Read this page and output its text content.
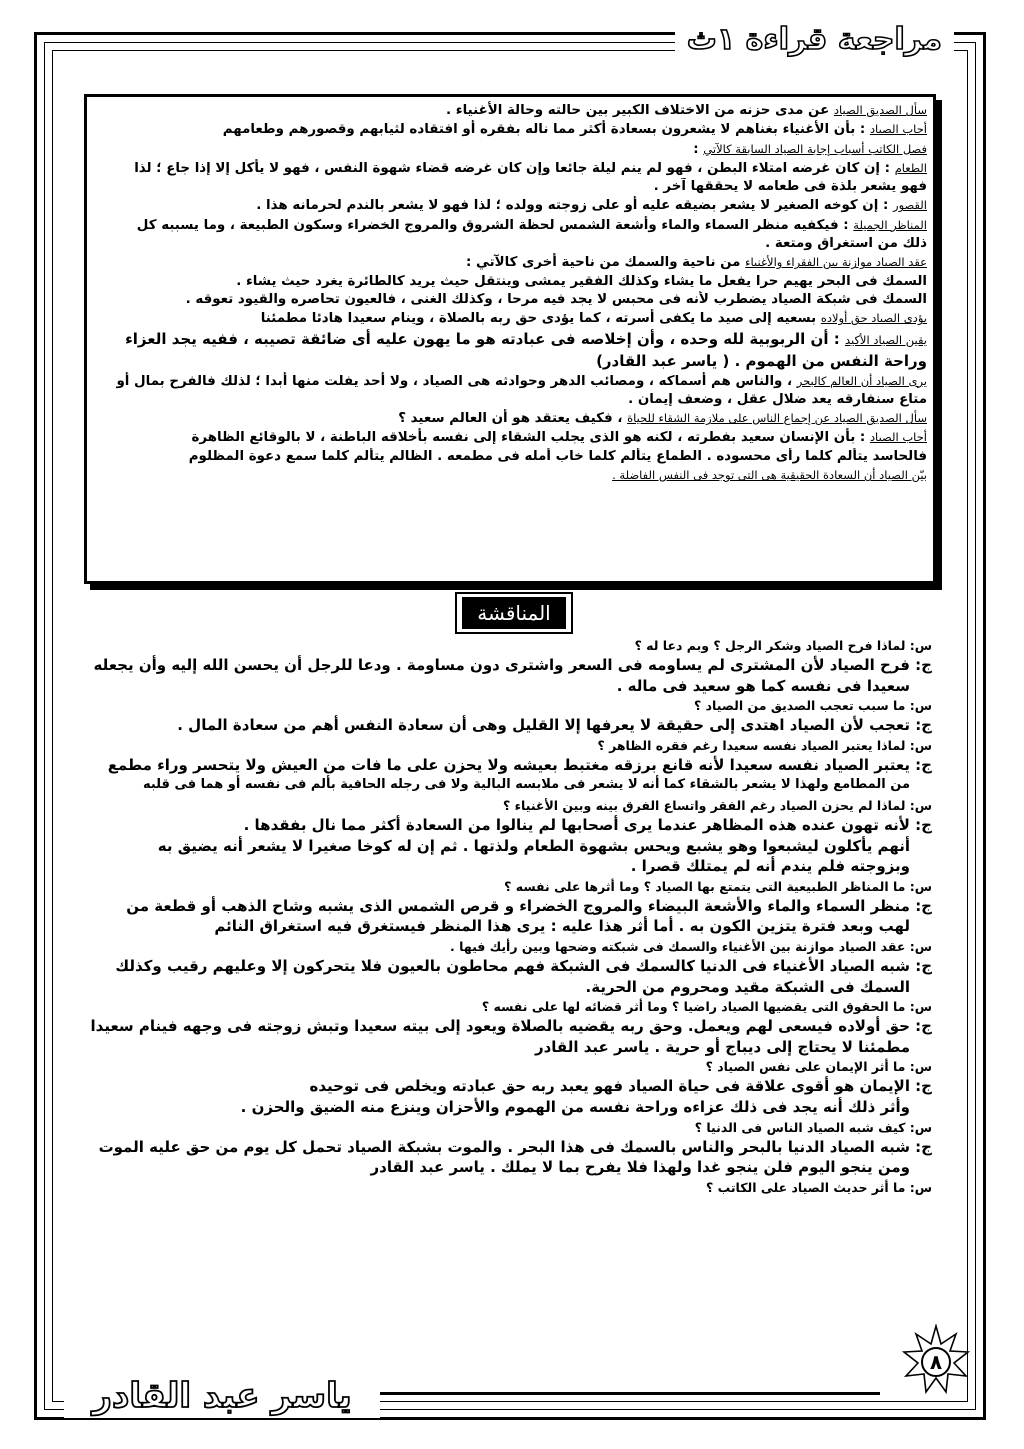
مراجعة قراءة ١ث
سأل الصديق الصياد عن مدى حزنه من الاختلاف الكبير بين حالته وحالة الأغنياء .
أجاب الصياد : بأن الأغنياء بغناهم لا يشعرون بسعادة أكثر مما ناله بفقره أو افتقاده لثيابهم وقصورهم وطعامهم
فصل الكاتب أسباب إجابة الصياد السابقة كالآتي :
الطعام : إن كان غرضه امتلاء البطن ، فهو لم ينم ليلة جائعا وإن كان غرضه قضاء شهوة النفس ، فهو لا يأكل إلا إذا جاع ؛ لذا
فهو يشعر بلذة فى طعامه لا يحققها آخر .
القصور : إن كوخه الصغير لا يشعر بضيقه عليه أو على زوجته وولده ؛ لذا فهو لا يشعر بالندم لحرمانه هذا .
المناظر الجميلة : فيكفيه منظر السماء والماء وأشعة الشمس لحظة الشروق والمروج الخضراء وسكون الطبيعة ، وما يسببه كل
ذلك من استغراق ومتعة .
عقد الصياد موازنة بين الفقراء والأغنياء من ناحية والسمك من ناحية أخرى كالآتي :
السمك فى البحر يهيم حرا يفعل ما يشاء وكذلك الفقير يمشى وينتقل حيث يريد كالطائرة يغرد حيث يشاء .
السمك فى شبكة الصياد يضطرب لأنه فى محبس لا يجد فيه مرحا ، وكذلك الغنى ، فالعيون تحاصره والقيود تعوقه .
يؤدى الصياد حق أولاده بسعيه إلى صيد ما يكفى أسرته ، كما يؤدى حق ربه بالصلاة ، وينام سعيدا هادئا مطمئنا
يقين الصياد الأكيد : أن الربوبية لله وحده ، وأن إخلاصه فى عبادته هو ما يهون عليه أى ضائقة تصيبه ، ففيه يجد العزاء
وراحة النفس من الهموم . ( ياسر عبد القادر)
يرى الصياد أن العالم كالبحر ، والناس هم أسماكه ، ومصائب الدهر وحوادثه هى الصياد ، ولا أحد يفلت منها أبدا ؛ لذلك فالفرح بمال أو
متاع سنفارقه يعد ضلال عقل ، وضعف إيمان .
سأل الصديق الصياد عن إجماع الناس على ملازمة الشقاء للحياة ، فكيف يعتقد هو أن العالم سعيد ؟
أجاب الصياد : بأن الإنسان سعيد بفطرته ، لكنه هو الذى يجلب الشقاء إلى نفسه بأخلاقه الباطنة ، لا بالوقائع الظاهرة
فالحاسد يتألم كلما رأى محسوده . الطماع يتألم كلما خاب أمله فى مطمعه . الظالم يتألم كلما سمع دعوة المظلوم
بيّن الصياد أن السعادة الحقيقية هى التى توجد فى النفس الفاضلة .
المناقشة
س: لماذا فرح الصياد وشكر الرجل ؟ وبم دعا له ؟
ج: فرح الصياد لأن المشترى لم يساومه فى السعر واشترى دون مساومة . ودعا للرجل أن يحسن الله إليه وأن يجعله
سعيدا فى نفسه كما هو سعيد فى ماله .
س: ما سبب تعجب الصديق من الصياد ؟
ج: تعجب لأن الصياد اهتدى إلى حقيقة لا يعرفها إلا القليل وهى أن سعادة النفس أهم من سعادة المال .
س: لماذا يعتبر الصياد نفسه سعيدا رغم فقره الظاهر ؟
ج: يعتبر الصياد نفسه سعيدا لأنه قانع برزقه مغتبط بعيشه ولا يحزن على ما فات من العيش ولا يتحسر وراء مطمع
من المطامع ولهذا لا يشعر بالشقاء كما أنه لا يشعر فى ملابسه البالية ولا فى رجله الحافية بألم فى نفسه أو هما فى قلبه
س: لماذا لم يحزن الصياد رغم الفقر واتساع الفرق بينه وبين الأغنياء ؟
ج: لأنه تهون عنده هذه المظاهر عندما يرى أصحابها لم ينالوا من السعادة أكثر مما نال بفقدها .
أنهم يأكلون ليشبعوا وهو يشبع ويحس بشهوة الطعام ولذتها . ثم إن له كوخا صغيرا لا يشعر أنه يضيق به
وبزوجته فلم يندم أنه لم يمتلك قصرا .
س: ما المناظر الطبيعية التى يتمتع بها الصياد ؟ وما أثرها على نفسه ؟
ج: منظر السماء والماء والأشعة البيضاء والمروج الخضراء و قرص الشمس الذى يشبه وشاح الذهب أو قطعة من
لهب وبعد فترة يتزين الكون به . أما أثر هذا عليه : يرى هذا المنظر فيستغرق فيه استغراق النائم
س: عقد الصياد موازنة بين الأغنياء والسمك فى شبكته وضحها وبين رأيك فيها .
ج: شبه الصياد الأغنياء فى الدنيا كالسمك فى الشبكة فهم محاطون بالعيون فلا يتحركون إلا وعليهم رقيب وكذلك
السمك فى الشبكة مقيد ومحروم من الحرية.
س: ما الحقوق التى يقضيها الصياد راضيا ؟ وما أثر قضائه لها على نفسه ؟
ج: حق أولاده فيسعى لهم ويعمل. وحق ربه يقضيه بالصلاة ويعود إلى بيته سعيدا وتبش زوجته فى وجهه فينام سعيدا
مطمئنا لا يحتاج إلى ديباج أو حرية . ياسر عبد القادر
س: ما أثر الإيمان على نفس الصياد ؟
ج: الإيمان هو أقوى علاقة فى حياة الصياد فهو يعبد ربه حق عبادته ويخلص فى توحيده
وأثر ذلك أنه يجد فى ذلك عزاءه وراحة نفسه من الهموم والأحزان وينزع منه الضيق والحزن .
س: كيف شبه الصياد الناس فى الدنيا ؟
ج: شبه الصياد الدنيا بالبحر والناس بالسمك فى هذا البحر . والموت بشبكة الصياد تحمل كل يوم من حق عليه الموت
ومن ينجو اليوم فلن ينجو غدا ولهذا فلا يفرح بما لا يملك . ياسر عبد القادر
س: ما أثر حديث الصياد على الكاتب ؟
ياسر عبد القادر
٨
